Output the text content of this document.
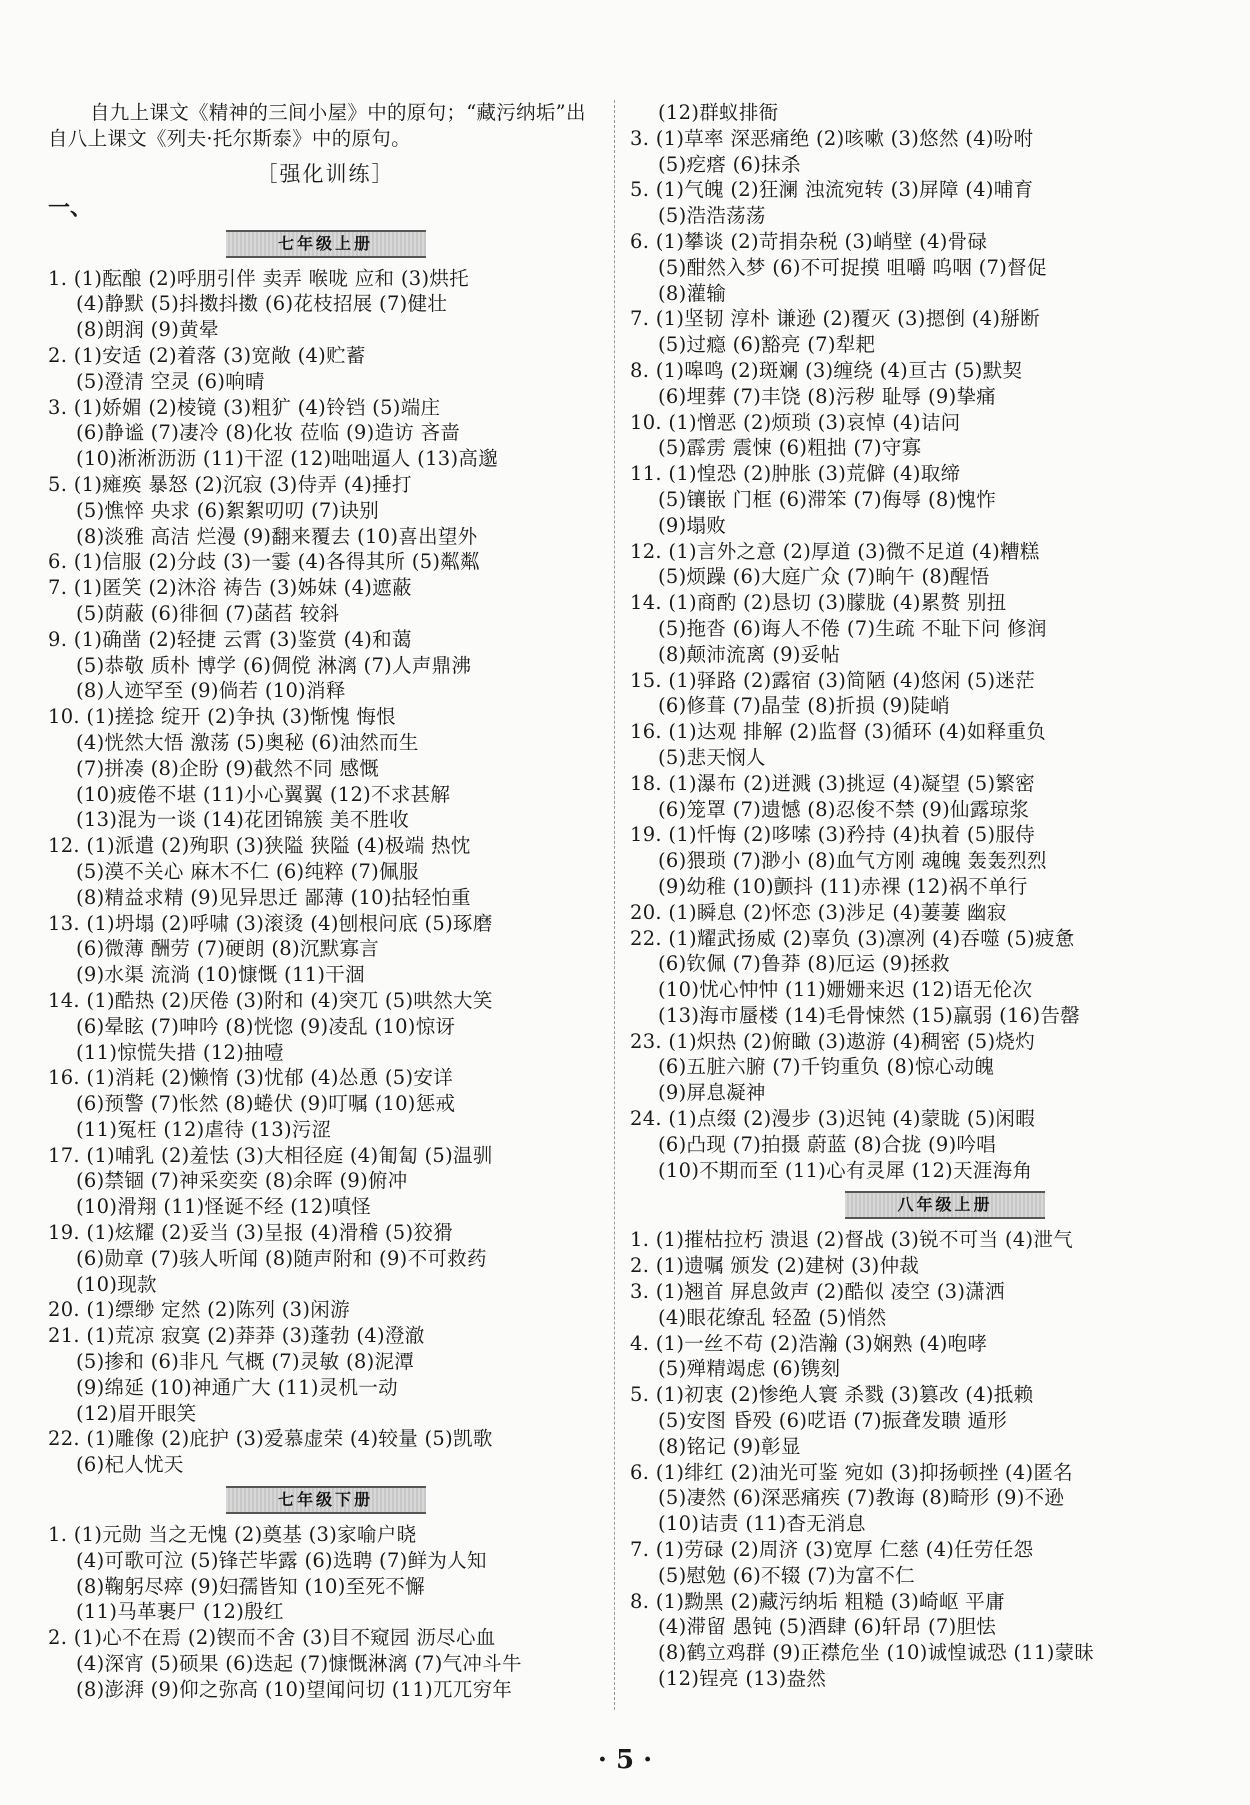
自九上课文《精神的三间小屋》中的原句；“藏污纳垢”出
自八上课文《列夫·托尔斯泰》中的原句。
［强化训练］
一、
七年级上册
1. (1)酝酿 (2)呼朋引伴 卖弄 喉咙 应和 (3)烘托
(4)静默 (5)抖擞抖擞 (6)花枝招展 (7)健壮
(8)朗润 (9)黄晕
2. (1)安适 (2)着落 (3)宽敞 (4)贮蓄
(5)澄清 空灵 (6)响晴
3. (1)娇媚 (2)棱镜 (3)粗犷 (4)铃铛 (5)端庄
(6)静谧 (7)凄冷 (8)化妆 莅临 (9)造访 吝啬
(10)淅淅沥沥 (11)干涩 (12)咄咄逼人 (13)高邈
5. (1)瘫痪 暴怒 (2)沉寂 (3)侍弄 (4)捶打
(5)憔悴 央求 (6)絮絮叨叨 (7)诀别
(8)淡雅 高洁 烂漫 (9)翻来覆去 (10)喜出望外
6. (1)信服 (2)分歧 (3)一霎 (4)各得其所 (5)粼粼
7. (1)匿笑 (2)沐浴 祷告 (3)姊妹 (4)遮蔽
(5)荫蔽 (6)徘徊 (7)菡萏 较斜
9. (1)确凿 (2)轻捷 云霄 (3)鉴赏 (4)和蔼
(5)恭敬 质朴 博学 (6)倜傥 淋漓 (7)人声鼎沸
(8)人迹罕至 (9)倘若 (10)消释
10. (1)搓捻 绽开 (2)争执 (3)惭愧 悔恨
(4)恍然大悟 激荡 (5)奥秘 (6)油然而生
(7)拼凑 (8)企盼 (9)截然不同 感慨
(10)疲倦不堪 (11)小心翼翼 (12)不求甚解
(13)混为一谈 (14)花团锦簇 美不胜收
12. (1)派遣 (2)殉职 (3)狭隘 狭隘 (4)极端 热忱
(5)漠不关心 麻木不仁 (6)纯粹 (7)佩服
(8)精益求精 (9)见异思迁 鄙薄 (10)拈轻怕重
13. (1)坍塌 (2)呼啸 (3)滚烫 (4)刨根问底 (5)琢磨
(6)微薄 酬劳 (7)硬朗 (8)沉默寡言
(9)水渠 流淌 (10)慷慨 (11)干涸
14. (1)酷热 (2)厌倦 (3)附和 (4)突兀 (5)哄然大笑
(6)晕眩 (7)呻吟 (8)恍惚 (9)凌乱 (10)惊讶
(11)惊慌失措 (12)抽噎
16. (1)消耗 (2)懒惰 (3)忧郁 (4)怂恿 (5)安详
(6)预警 (7)怅然 (8)蜷伏 (9)叮嘱 (10)惩戒
(11)冤枉 (12)虐待 (13)污涩
17. (1)哺乳 (2)羞怯 (3)大相径庭 (4)匍匐 (5)温驯
(6)禁锢 (7)神采奕奕 (8)余晖 (9)俯冲
(10)滑翔 (11)怪诞不经 (12)嗔怪
19. (1)炫耀 (2)妥当 (3)呈报 (4)滑稽 (5)狡猾
(6)勋章 (7)骇人听闻 (8)随声附和 (9)不可救药
(10)现款
20. (1)缥缈 定然 (2)陈列 (3)闲游
21. (1)荒凉 寂寞 (2)莽莽 (3)蓬勃 (4)澄澈
(5)掺和 (6)非凡 气概 (7)灵敏 (8)泥潭
(9)绵延 (10)神通广大 (11)灵机一动
(12)眉开眼笑
22. (1)雕像 (2)庇护 (3)爱慕虚荣 (4)较量 (5)凯歌
(6)杞人忧天
七年级下册
1. (1)元勋 当之无愧 (2)奠基 (3)家喻户晓
(4)可歌可泣 (5)锋芒毕露 (6)选聘 (7)鲜为人知
(8)鞠躬尽瘁 (9)妇孺皆知 (10)至死不懈
(11)马革裹尸 (12)殷红
2. (1)心不在焉 (2)锲而不舍 (3)目不窥园 沥尽心血
(4)深宵 (5)硕果 (6)迭起 (7)慷慨淋漓 (7)气冲斗牛
(8)澎湃 (9)仰之弥高 (10)望闻问切 (11)兀兀穷年
(12)群蚁排衙
3. (1)草率 深恶痛绝 (2)咳嗽 (3)悠然 (4)吩咐
(5)疙瘩 (6)抹杀
5. (1)气魄 (2)狂澜 浊流宛转 (3)屏障 (4)哺育
(5)浩浩荡荡
6. (1)攀谈 (2)苛捐杂税 (3)峭壁 (4)骨碌
(5)酣然入梦 (6)不可捉摸 咀嚼 呜咽 (7)督促
(8)灌输
7. (1)坚韧 淳朴 谦逊 (2)覆灭 (3)摁倒 (4)掰断
(5)过瘾 (6)豁亮 (7)犁耙
8. (1)嗥鸣 (2)斑斓 (3)缠绕 (4)亘古 (5)默契
(6)埋葬 (7)丰饶 (8)污秽 耻辱 (9)挚痛
10. (1)憎恶 (2)烦琐 (3)哀悼 (4)诘问
(5)霹雳 震悚 (6)粗拙 (7)守寡
11. (1)惶恐 (2)肿胀 (3)荒僻 (4)取缔
(5)镶嵌 门框 (6)滞笨 (7)侮辱 (8)愧怍
(9)塌败
12. (1)言外之意 (2)厚道 (3)微不足道 (4)糟糕
(5)烦躁 (6)大庭广众 (7)晌午 (8)醒悟
14. (1)商酌 (2)恳切 (3)朦胧 (4)累赘 别扭
(5)拖沓 (6)诲人不倦 (7)生疏 不耻下问 修润
(8)颠沛流离 (9)妥帖
15. (1)驿路 (2)露宿 (3)简陋 (4)悠闲 (5)迷茫
(6)修葺 (7)晶莹 (8)折损 (9)陡峭
16. (1)达观 排解 (2)监督 (3)循环 (4)如释重负
(5)悲天悯人
18. (1)瀑布 (2)迸溅 (3)挑逗 (4)凝望 (5)繁密
(6)笼罩 (7)遗憾 (8)忍俊不禁 (9)仙露琼浆
19. (1)忏悔 (2)哆嗦 (3)矜持 (4)执着 (5)服侍
(6)猥琐 (7)渺小 (8)血气方刚 魂魄 轰轰烈烈
(9)幼稚 (10)颤抖 (11)赤裸 (12)祸不单行
20. (1)瞬息 (2)怀恋 (3)涉足 (4)萋萋 幽寂
22. (1)耀武扬威 (2)辜负 (3)凛冽 (4)吞噬 (5)疲惫
(6)钦佩 (7)鲁莽 (8)厄运 (9)拯救
(10)忧心忡忡 (11)姗姗来迟 (12)语无伦次
(13)海市蜃楼 (14)毛骨悚然 (15)羸弱 (16)告罄
23. (1)炽热 (2)俯瞰 (3)遨游 (4)稠密 (5)烧灼
(6)五脏六腑 (7)千钧重负 (8)惊心动魄
(9)屏息凝神
24. (1)点缀 (2)漫步 (3)迟钝 (4)蒙眬 (5)闲暇
(6)凸现 (7)拍摄 蔚蓝 (8)合拢 (9)吟唱
(10)不期而至 (11)心有灵犀 (12)天涯海角
八年级上册
1. (1)摧枯拉朽 溃退 (2)督战 (3)锐不可当 (4)泄气
2. (1)遗嘱 颁发 (2)建树 (3)仲裁
3. (1)翘首 屏息敛声 (2)酷似 凌空 (3)潇洒
(4)眼花缭乱 轻盈 (5)悄然
4. (1)一丝不苟 (2)浩瀚 (3)娴熟 (4)咆哮
(5)殚精竭虑 (6)镌刻
5. (1)初衷 (2)惨绝人寰 杀戮 (3)篡改 (4)抵赖
(5)安图 昏殁 (6)呓语 (7)振聋发聩 遁形
(8)铭记 (9)彰显
6. (1)绯红 (2)油光可鉴 宛如 (3)抑扬顿挫 (4)匿名
(5)凄然 (6)深恶痛疾 (7)教诲 (8)畸形 (9)不逊
(10)诘责 (11)杳无消息
7. (1)劳碌 (2)周济 (3)宽厚 仁慈 (4)任劳任怨
(5)慰勉 (6)不辍 (7)为富不仁
8. (1)黝黑 (2)藏污纳垢 粗糙 (3)崎岖 平庸
(4)滞留 愚钝 (5)酒肆 (6)轩昂 (7)胆怯
(8)鹤立鸡群 (9)正襟危坐 (10)诚惶诚恐 (11)蒙昧
(12)锃亮 (13)盎然
· 5 ·
